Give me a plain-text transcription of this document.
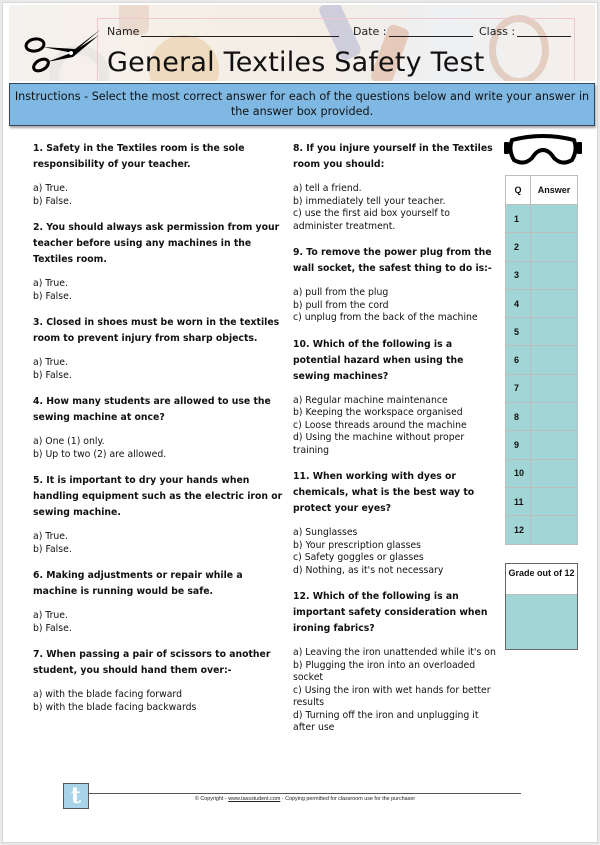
Name	Date :	Class :
General Textiles Safety Test
Instructions - Select the most correct answer for each of the questions below and write your answer in the answer box provided.
1. Safety in the Textiles room is the sole responsibility of your teacher.
a) True.
b) False.
2. You should always ask permission from your teacher before using any machines in the Textiles room.
a) True.
b) False.
3. Closed in shoes must be worn in the textiles room to prevent injury from sharp objects.
a) True.
b) False.
4. How many students are allowed to use the sewing machine at once?
a) One (1) only.
b) Up to two (2) are allowed.
5. It is important to dry your hands when handling equipment such as the electric iron or sewing machine.
a) True.
b) False.
6. Making adjustments or repair while a machine is running would be safe.
a) True.
b) False.
7. When passing a pair of scissors to another student, you should hand them over:-
a) with the blade facing forward
b) with the blade facing backwards
8. If you injure yourself in the Textiles room you should:
a) tell a friend.
b) immediately tell your teacher.
c) use the first aid box yourself to administer treatment.
9. To remove the power plug from the wall socket, the safest thing to do is:-
a) pull from the plug
b) pull from the cord
c) unplug from the back of the machine
10. Which of the following is a potential hazard when using the sewing machines?
a) Regular machine maintenance
b) Keeping the workspace organised
c) Loose threads around the machine
d) Using the machine without proper training
11. When working with dyes or chemicals, what is the best way to protect your eyes?
a) Sunglasses
b) Your prescription glasses
c) Safety goggles or glasses
d) Nothing, as it's not necessary
12. Which of the following is an important safety consideration when ironing fabrics?
a) Leaving the iron unattended while it's on
b) Plugging the iron into an overloaded socket
c) Using the iron with wet hands for better results
d) Turning off the iron and unplugging it after use
Q	Answer
1	
2	
3	
4	
5	
6	
7	
8	
9	
10	
11	
12	
Grade out of 12
t	© Copyright - www.tassstudent.com - Copying permitted for classroom use for the purchaser
